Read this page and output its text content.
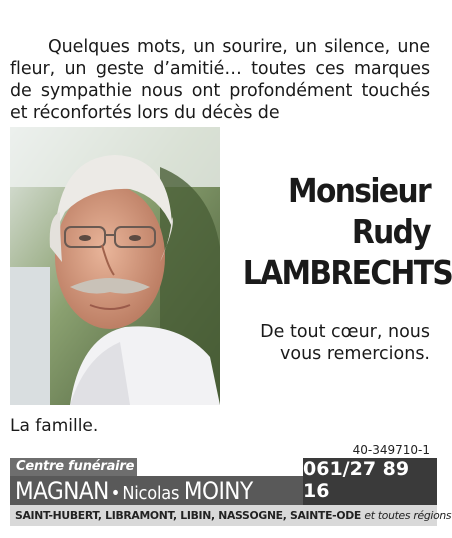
Quelques mots, un sourire, un silence, une fleur, un geste d’amitié… toutes ces marques de sympathie nous ont profondément touchés et réconfortés lors du décès de

Monsieur
Rudy
LAMBRECHTS
De tout cœur, nous vous remercions.
La famille.
40-349710-1
Centre funéraire
MAGNAN • Nicolas MOINY
061/27 89 16
SAINT-HUBERT, LIBRAMONT, LIBIN, NASSOGNE, SAINTE-ODE et toutes régions
